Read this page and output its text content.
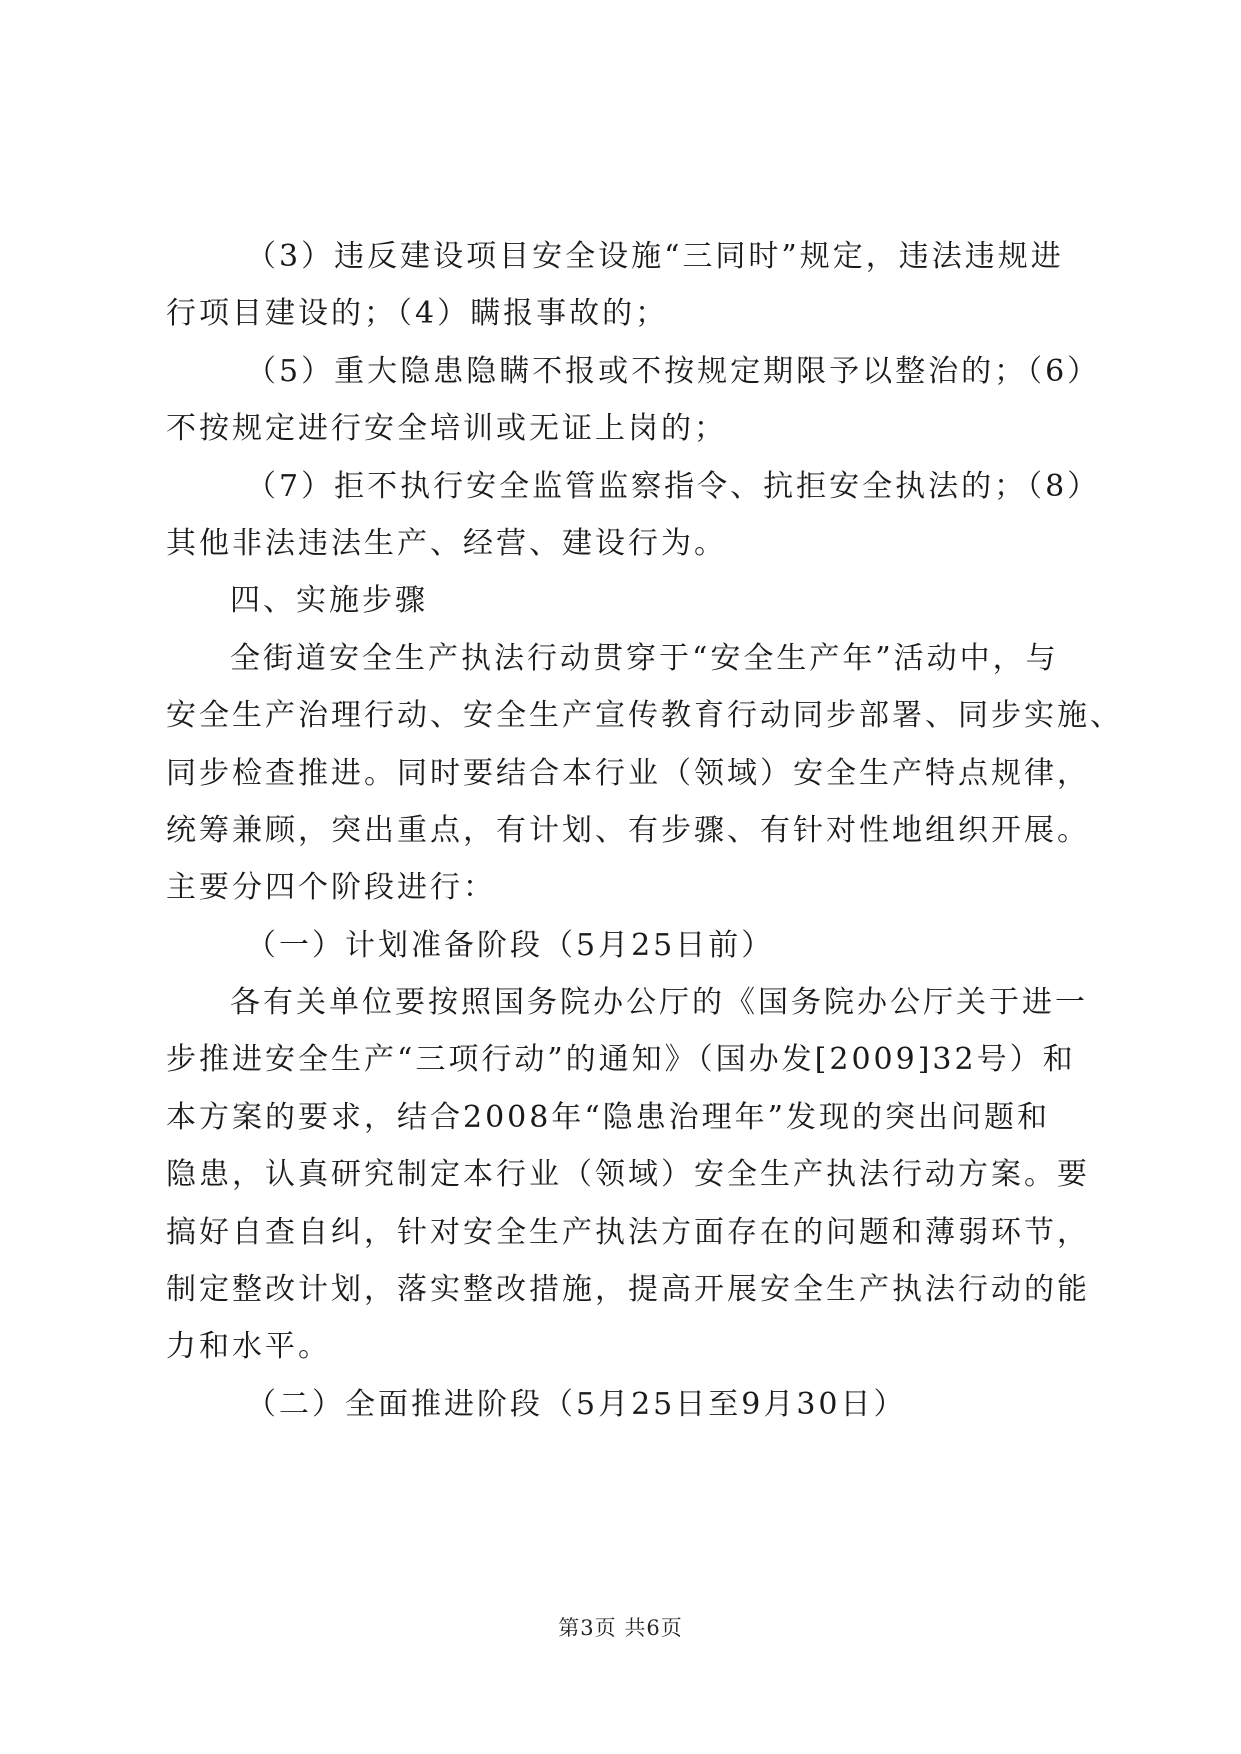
（3）违反建设项目安全设施“三同时”规定，违法违规进
行项目建设的；（4）瞒报事故的；
（5）重大隐患隐瞒不报或不按规定期限予以整治的；（6）
不按规定进行安全培训或无证上岗的；
（7）拒不执行安全监管监察指令、抗拒安全执法的；（8）
其他非法违法生产、经营、建设行为。
四、实施步骤
全街道安全生产执法行动贯穿于“安全生产年”活动中，与
安全生产治理行动、安全生产宣传教育行动同步部署、同步实施、
同步检查推进。同时要结合本行业（领域）安全生产特点规律，
统筹兼顾，突出重点，有计划、有步骤、有针对性地组织开展。
主要分四个阶段进行：
（一）计划准备阶段（5月25日前）
各有关单位要按照国务院办公厅的《国务院办公厅关于进一
步推进安全生产“三项行动”的通知》（国办发[2009]32号）和
本方案的要求，结合2008年“隐患治理年”发现的突出问题和
隐患，认真研究制定本行业（领域）安全生产执法行动方案。要
搞好自查自纠，针对安全生产执法方面存在的问题和薄弱环节，
制定整改计划，落实整改措施，提高开展安全生产执法行动的能
力和水平。
（二）全面推进阶段（5月25日至9月30日）
第3页 共6页
